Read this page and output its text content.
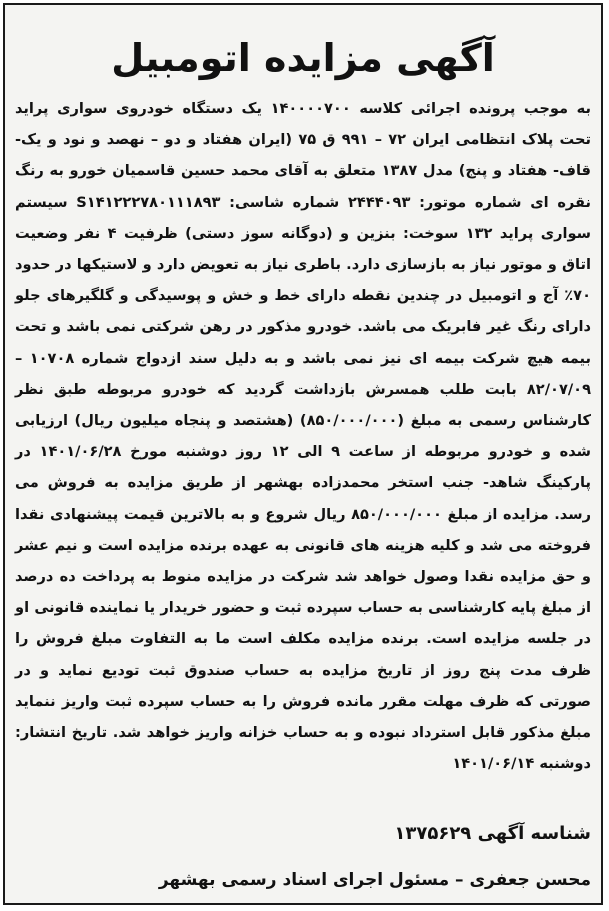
آگهی مزایده اتومبیل

به موجب پرونده اجرائی کلاسه ۱۴۰۰۰۰۷۰۰ یک دستگاه خودروی سواری پراید تحت پلاک انتظامی ایران ۷۲ – ۹۹۱ ق ۷۵ (ایران هفتاد و دو – نهصد و نود و یک- قاف- هفتاد و پنج) مدل ۱۳۸۷ متعلق به آقای محمد حسین قاسمیان خورو به رنگ نقره ای شماره موتور: ۲۴۴۴۰۹۳ شماره شاسی: S۱۴۱۲۲۲۷۸۰۱۱۱۸۹۳ سیستم سواری پراید ۱۳۲ سوخت: بنزین و (دوگانه سوز دستی) ظرفیت ۴ نفر وضعیت اتاق و موتور نیاز به بازسازی دارد. باطری نیاز به تعویض دارد و لاستیکها در حدود ۷۰٪ آج و اتومبیل در چندین نقطه دارای خط و خش و پوسیدگی و گلگیرهای جلو دارای رنگ غیر فابریک می باشد. خودرو مذکور در رهن شرکتی نمی باشد و تحت بیمه هیچ شرکت بیمه ای نیز نمی باشد و به دلیل سند ازدواج شماره ۱۰۷۰۸ – ۸۲/۰۷/۰۹ بابت طلب همسرش بازداشت گردید که خودرو مربوطه طبق نظر کارشناس رسمی به مبلغ (۸۵۰/۰۰۰/۰۰۰) (هشتصد و پنجاه میلیون ریال) ارزیابی شده و خودرو مربوطه از ساعت ۹ الی ۱۲ روز دوشنبه مورخ ۱۴۰۱/۰۶/۲۸ در پارکینگ شاهد- جنب استخر محمدزاده بهشهر از طریق مزایده به فروش می رسد. مزایده از مبلغ ۸۵۰/۰۰۰/۰۰۰ ریال شروع و به بالاترین قیمت پیشنهادی نقدا فروخته می شد و کلیه هزینه های قانونی به عهده برنده مزایده است و نیم عشر و حق مزایده نقدا وصول خواهد شد شرکت در مزایده منوط به پرداخت ده درصد از مبلغ پایه کارشناسی به حساب سپرده ثبت و حضور خریدار یا نماینده قانونی او در جلسه مزایده است. برنده مزایده مکلف است ما به التفاوت مبلغ فروش را ظرف مدت پنج روز از تاریخ مزایده به حساب صندوق ثبت تودیع نماید و در صورتی که ظرف مهلت مقرر مانده فروش را به حساب سپرده ثبت واریز ننماید مبلغ مذکور قابل استرداد نبوده و به حساب خزانه واریز خواهد شد. تاریخ انتشار: دوشنبه ۱۴۰۱/۰۶/۱۴

شناسه آگهی ۱۳۷۵۶۲۹

محسن جعفری – مسئول اجرای اسناد رسمی بهشهر
